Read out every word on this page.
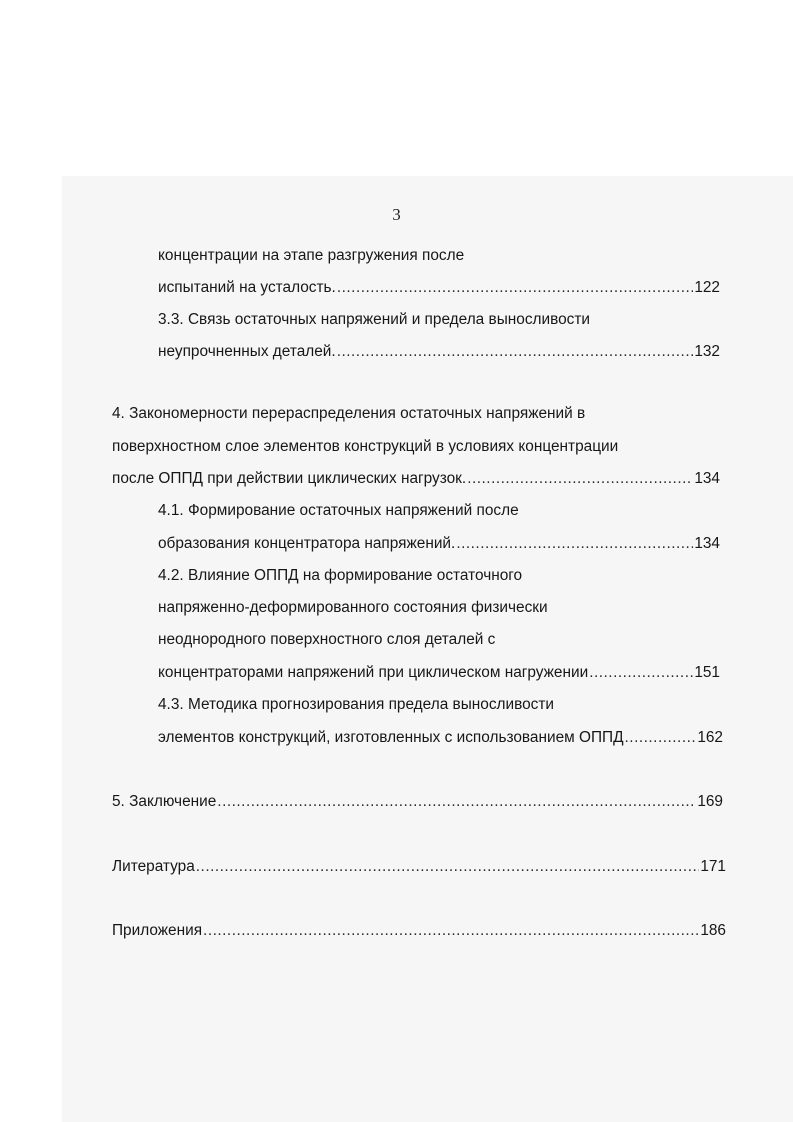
3
концентрации на этапе разгружения после
испытаний на усталость. .....	122
3.3. Связь остаточных напряжений и предела выносливости
неупрочненных деталей. .....	132
4. Закономерности перераспределения остаточных напряжений в
поверхностном слое элементов конструкций в условиях концентрации
после ОППД при действии циклических нагрузок. .....	134
4.1. Формирование остаточных напряжений после
образования концентратора напряжений. .....	134
4.2. Влияние ОППД на формирование остаточного
напряженно-деформированного состояния физически
неоднородного поверхностного слоя деталей с
концентраторами напряжений при циклическом нагружении .....	151
4.3. Методика прогнозирования предела выносливости
элементов конструкций, изготовленных с использованием ОППД .....	162
5. Заключение .....	169
Литература .....	171
Приложения .....	186
